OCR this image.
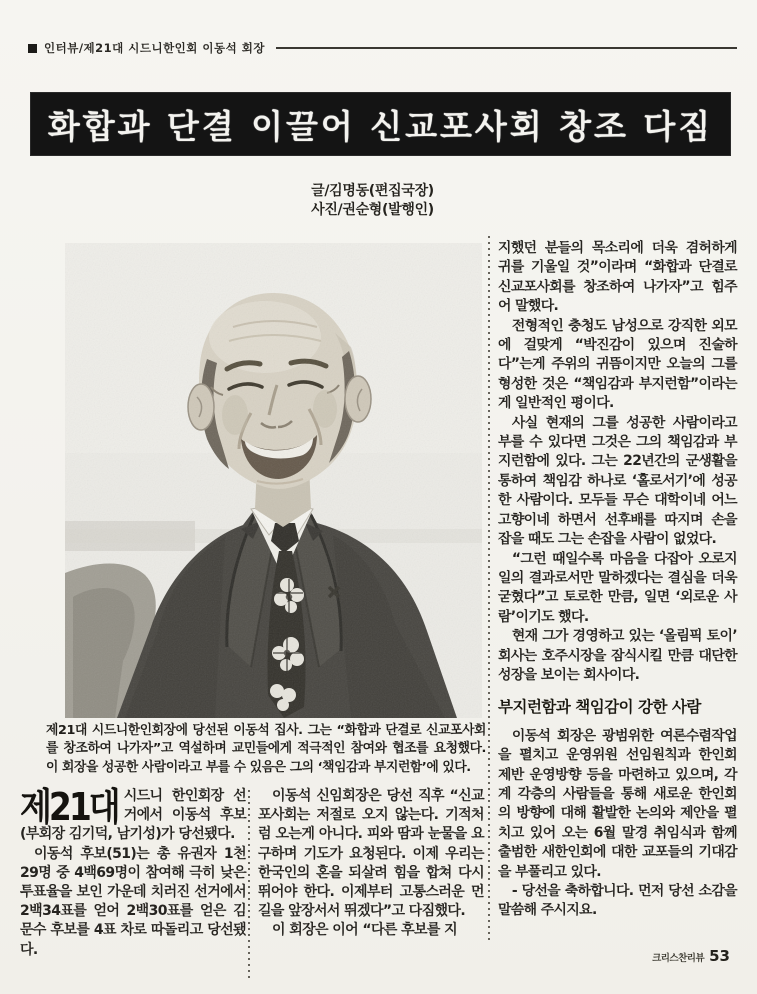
인터뷰/제21대 시드니한인회 이동석 회장
화합과 단결 이끌어 신교포사회 창조 다짐
글/김명동(편집국장)
사진/권순형(발행인)
제21대 시드니한인회장에 당선된 이동석 집사. 그는 “화합과 단결로 신교포사회를 창조하여 나가자”고 역설하며 교민들에게 적극적인 참여와 협조를 요청했다. 이 회장을 성공한 사람이라고 부를 수 있음은 그의 ‘책임감과 부지런함’에 있다.
제21대 시드니 한인회장 선거에서 이동석 후보(부회장 김기덕, 남기성)가 당선됐다.

이동석 후보(51)는 총 유권자 1천29명 중 4백69명이 참여해 극히 낮은 투표율을 보인 가운데 치러진 선거에서 2백34표를 얻어 2백30표를 얻은 김문수 후보를 4표 차로 따돌리고 당선됐다.

이동석 신임회장은 당선 직후 “신교포사회는 저절로 오지 않는다. 기적처럼 오는게 아니다. 피와 땀과 눈물을 요구하며 기도가 요청된다. 이제 우리는 한국인의 혼을 되살려 힘을 합쳐 다시 뛰어야 한다. 이제부터 고통스러운 먼길을 앞장서서 뛰겠다”고 다짐했다.

이 회장은 이어 “다른 후보를 지

지했던 분들의 목소리에 더욱 겸허하게 귀를 기울일 것”이라며 “화합과 단결로 신교포사회를 창조하여 나가자”고 힘주어 말했다.

전형적인 충청도 남성으로 강직한 외모에 걸맞게 “박진감이 있으며 진술하다”는게 주위의 귀뜸이지만 오늘의 그를 형성한 것은 “책임감과 부지런함”이라는 게 일반적인 평이다.

사실 현재의 그를 성공한 사람이라고 부를 수 있다면 그것은 그의 책임감과 부지런함에 있다. 그는 22년간의 군생활을 통하여 책임감 하나로 ‘홀로서기’에 성공한 사람이다. 모두들 무슨 대학이네 어느 고향이네 하면서 선후배를 따지며 손을 잡을 때도 그는 손잡을 사람이 없었다.

“그런 때일수록 마음을 다잡아 오로지 일의 결과로서만 말하겠다는 결심을 더욱 굳혔다”고 토로한 만큼, 일면 ‘외로운 사람’이기도 했다.

현재 그가 경영하고 있는 ‘올림픽 토이’ 회사는 호주시장을 잠식시킬 만큼 대단한 성장을 보이는 회사이다.

부지런함과 책임감이 강한 사람

이동석 회장은 광범위한 여론수렴작업을 펼치고 운영위원 선임원칙과 한인회 제반 운영방향 등을 마련하고 있으며, 각계 각층의 사람들을 통해 새로운 한인회의 방향에 대해 활발한 논의와 제안을 펼치고 있어 오는 6월 말경 취임식과 함께 출범한 새한인회에 대한 교포들의 기대감을 부풀리고 있다.

- 당선을 축하합니다. 먼저 당선 소감을 말씀해 주시지요.

크리스찬리뷰 53
